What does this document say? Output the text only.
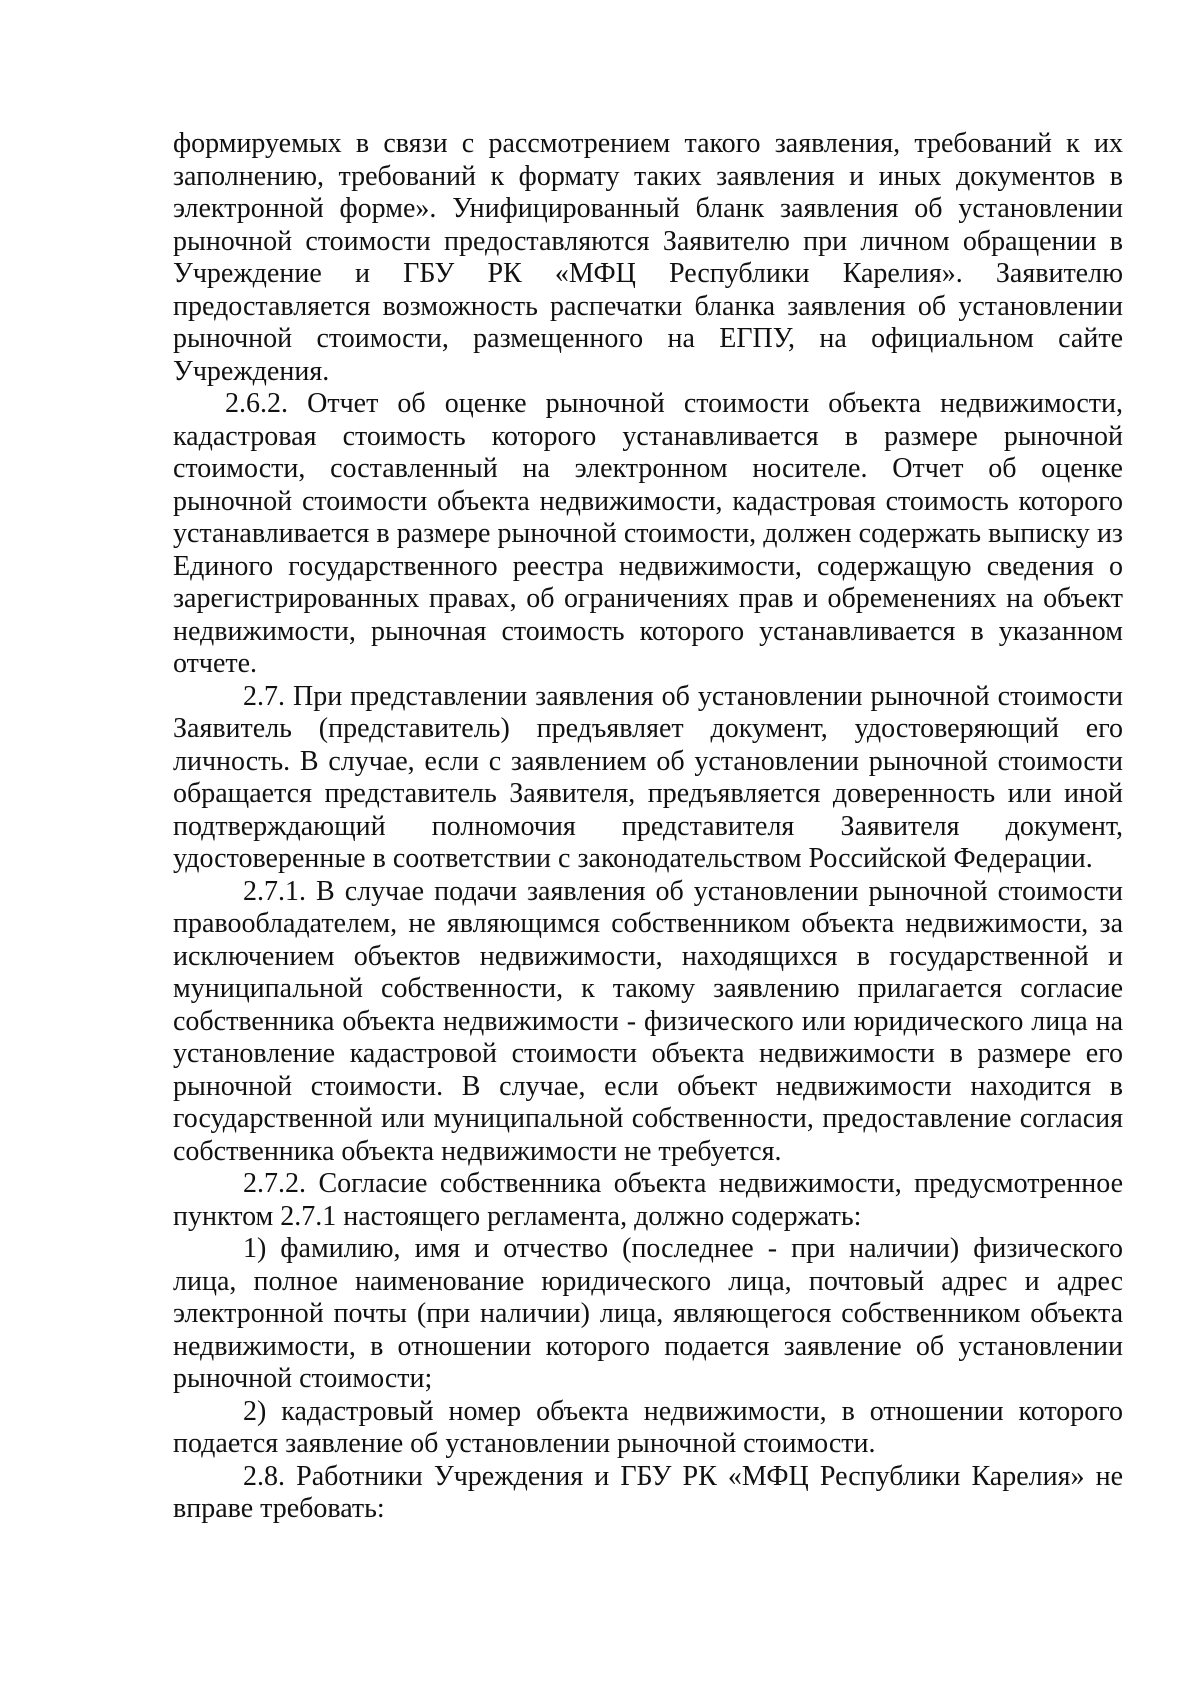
формируемых в связи с рассмотрением такого заявления, требований к их заполнению, требований к формату таких заявления и иных документов в электронной форме». Унифицированный бланк заявления об установлении рыночной стоимости предоставляются Заявителю при личном обращении в Учреждение и ГБУ РК «МФЦ Республики Карелия». Заявителю предоставляется возможность распечатки бланка заявления об установлении рыночной стоимости, размещенного на ЕГПУ, на официальном сайте Учреждения.

2.6.2. Отчет об оценке рыночной стоимости объекта недвижимости, кадастровая стоимость которого устанавливается в размере рыночной стоимости, составленный на электронном носителе. Отчет об оценке рыночной стоимости объекта недвижимости, кадастровая стоимость которого устанавливается в размере рыночной стоимости, должен содержать выписку из Единого государственного реестра недвижимости, содержащую сведения о зарегистрированных правах, об ограничениях прав и обременениях на объект недвижимости, рыночная стоимость которого устанавливается в указанном отчете.

2.7. При представлении заявления об установлении рыночной стоимости Заявитель (представитель) предъявляет документ, удостоверяющий его личность. В случае, если с заявлением об установлении рыночной стоимости обращается представитель Заявителя, предъявляется доверенность или иной подтверждающий полномочия представителя Заявителя документ, удостоверенные в соответствии с законодательством Российской Федерации.

2.7.1. В случае подачи заявления об установлении рыночной стоимости правообладателем, не являющимся собственником объекта недвижимости, за исключением объектов недвижимости, находящихся в государственной и муниципальной собственности, к такому заявлению прилагается согласие собственника объекта недвижимости - физического или юридического лица на установление кадастровой стоимости объекта недвижимости в размере его рыночной стоимости. В случае, если объект недвижимости находится в государственной или муниципальной собственности, предоставление согласия собственника объекта недвижимости не требуется.

2.7.2. Согласие собственника объекта недвижимости, предусмотренное пунктом 2.7.1 настоящего регламента, должно содержать:

1) фамилию, имя и отчество (последнее - при наличии) физического лица, полное наименование юридического лица, почтовый адрес и адрес электронной почты (при наличии) лица, являющегося собственником объекта недвижимости, в отношении которого подается заявление об установлении рыночной стоимости;

2) кадастровый номер объекта недвижимости, в отношении которого подается заявление об установлении рыночной стоимости.

2.8. Работники Учреждения и ГБУ РК «МФЦ Республики Карелия» не вправе требовать:
